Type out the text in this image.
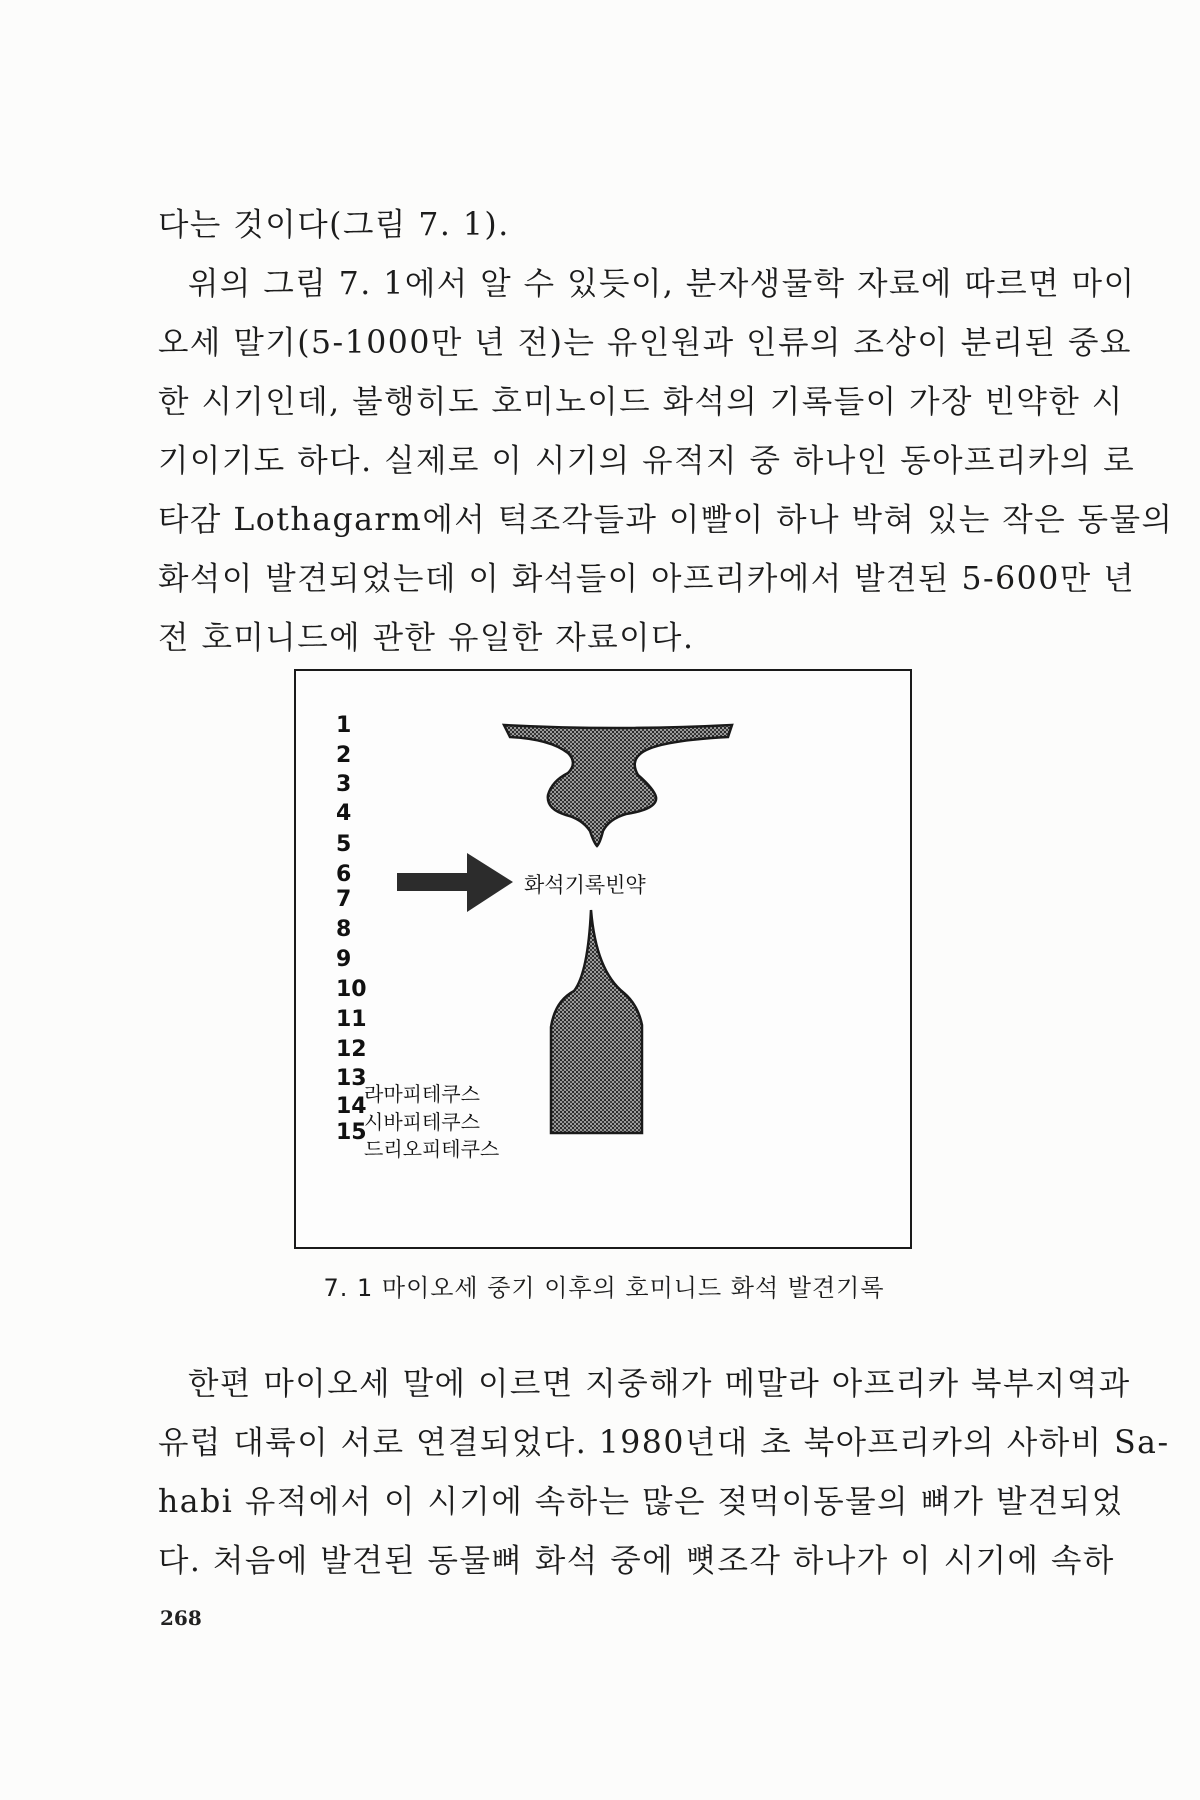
다는 것이다(그림 7. 1).
위의 그림 7. 1에서 알 수 있듯이, 분자생물학 자료에 따르면 마이
오세 말기(5-1000만 년 전)는 유인원과 인류의 조상이 분리된 중요
한 시기인데, 불행히도 호미노이드 화석의 기록들이 가장 빈약한 시
기이기도 하다. 실제로 이 시기의 유적지 중 하나인 동아프리카의 로
타감 Lothagarm에서 턱조각들과 이빨이 하나 박혀 있는 작은 동물의
화석이 발견되었는데 이 화석들이 아프리카에서 발견된 5-600만 년
전 호미니드에 관한 유일한 자료이다.
1
2
3
4
5
6
7
8
9
10
11
12
13
14
15
화석기록빈약
라마피테쿠스
시바피테쿠스
드리오피테쿠스
7. 1 마이오세 중기 이후의 호미니드 화석 발견기록
한편 마이오세 말에 이르면 지중해가 메말라 아프리카 북부지역과
유럽 대륙이 서로 연결되었다. 1980년대 초 북아프리카의 사하비 Sa-
habi 유적에서 이 시기에 속하는 많은 젖먹이동물의 뼈가 발견되었
다. 처음에 발견된 동물뼈 화석 중에 뼛조각 하나가 이 시기에 속하
268
